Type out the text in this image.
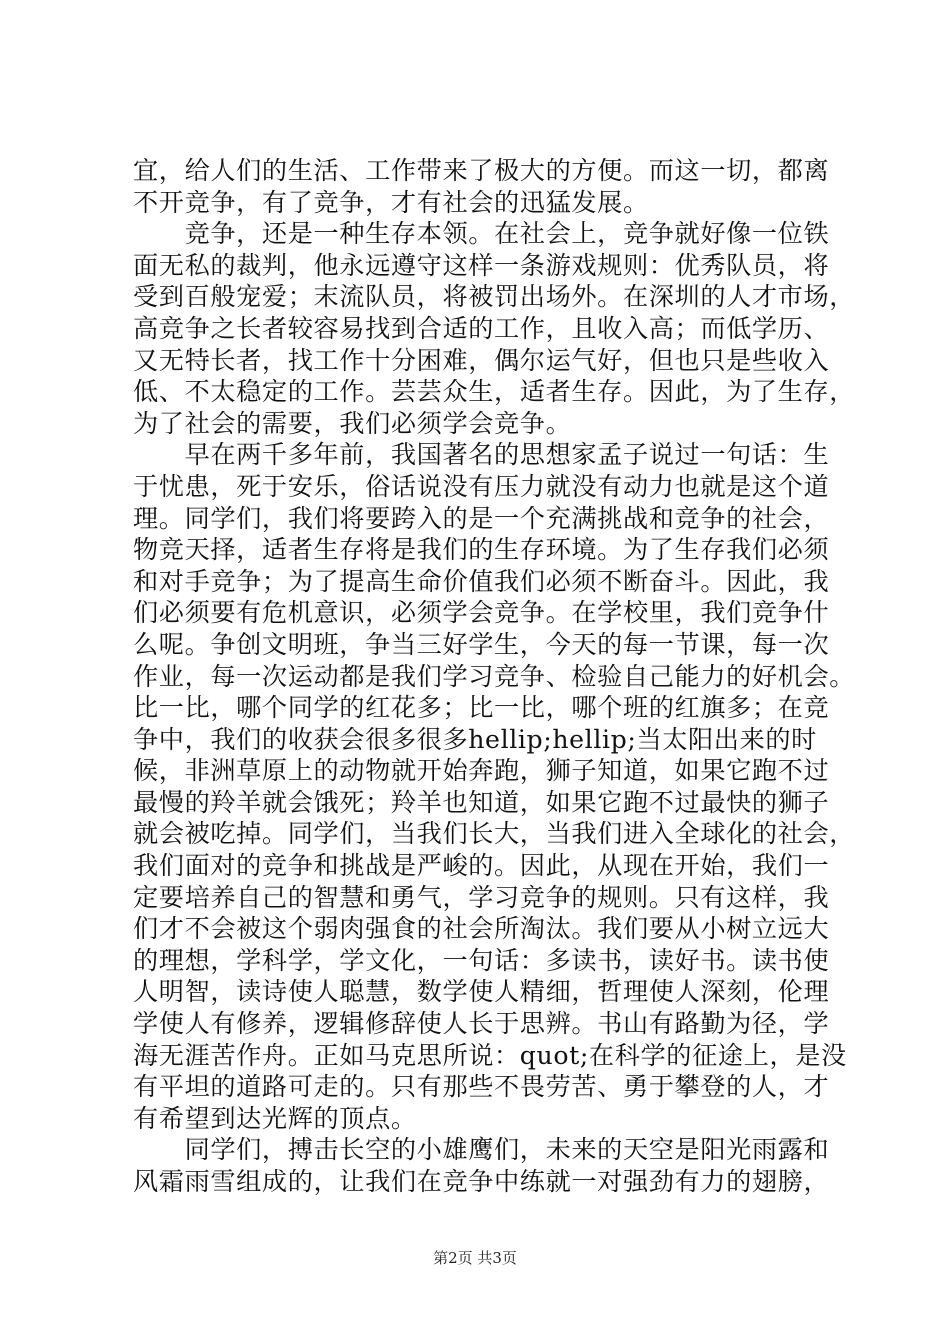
宜，给人们的生活、工作带来了极大的方便。而这一切，都离
不开竞争，有了竞争，才有社会的迅猛发展。
　　竞争，还是一种生存本领。在社会上，竞争就好像一位铁
面无私的裁判，他永远遵守这样一条游戏规则：优秀队员，将
受到百般宠爱；末流队员，将被罚出场外。在深圳的人才市场，
高竞争之长者较容易找到合适的工作，且收入高；而低学历、
又无特长者，找工作十分困难，偶尔运气好，但也只是些收入
低、不太稳定的工作。芸芸众生，适者生存。因此，为了生存，
为了社会的需要，我们必须学会竞争。
　　早在两千多年前，我国著名的思想家孟子说过一句话：生
于忧患，死于安乐，俗话说没有压力就没有动力也就是这个道
理。同学们，我们将要跨入的是一个充满挑战和竞争的社会，
物竞天择，适者生存将是我们的生存环境。为了生存我们必须
和对手竞争；为了提高生命价值我们必须不断奋斗。因此，我
们必须要有危机意识，必须学会竞争。在学校里，我们竞争什
么呢。争创文明班，争当三好学生，今天的每一节课，每一次
作业，每一次运动都是我们学习竞争、检验自己能力的好机会。
比一比，哪个同学的红花多；比一比，哪个班的红旗多；在竞
争中，我们的收获会很多很多hellip;hellip;当太阳出来的时
候，非洲草原上的动物就开始奔跑，狮子知道，如果它跑不过
最慢的羚羊就会饿死；羚羊也知道，如果它跑不过最快的狮子
就会被吃掉。同学们，当我们长大，当我们进入全球化的社会，
我们面对的竞争和挑战是严峻的。因此，从现在开始，我们一
定要培养自己的智慧和勇气，学习竞争的规则。只有这样，我
们才不会被这个弱肉强食的社会所淘汰。我们要从小树立远大
的理想，学科学，学文化，一句话：多读书，读好书。读书使
人明智，读诗使人聪慧，数学使人精细，哲理使人深刻，伦理
学使人有修养，逻辑修辞使人长于思辨。书山有路勤为径，学
海无涯苦作舟。正如马克思所说：quot;在科学的征途上，是没
有平坦的道路可走的。只有那些不畏劳苦、勇于攀登的人，才
有希望到达光辉的顶点。
　　同学们，搏击长空的小雄鹰们，未来的天空是阳光雨露和
风霜雨雪组成的，让我们在竞争中练就一对强劲有力的翅膀，
第2页 共3页
